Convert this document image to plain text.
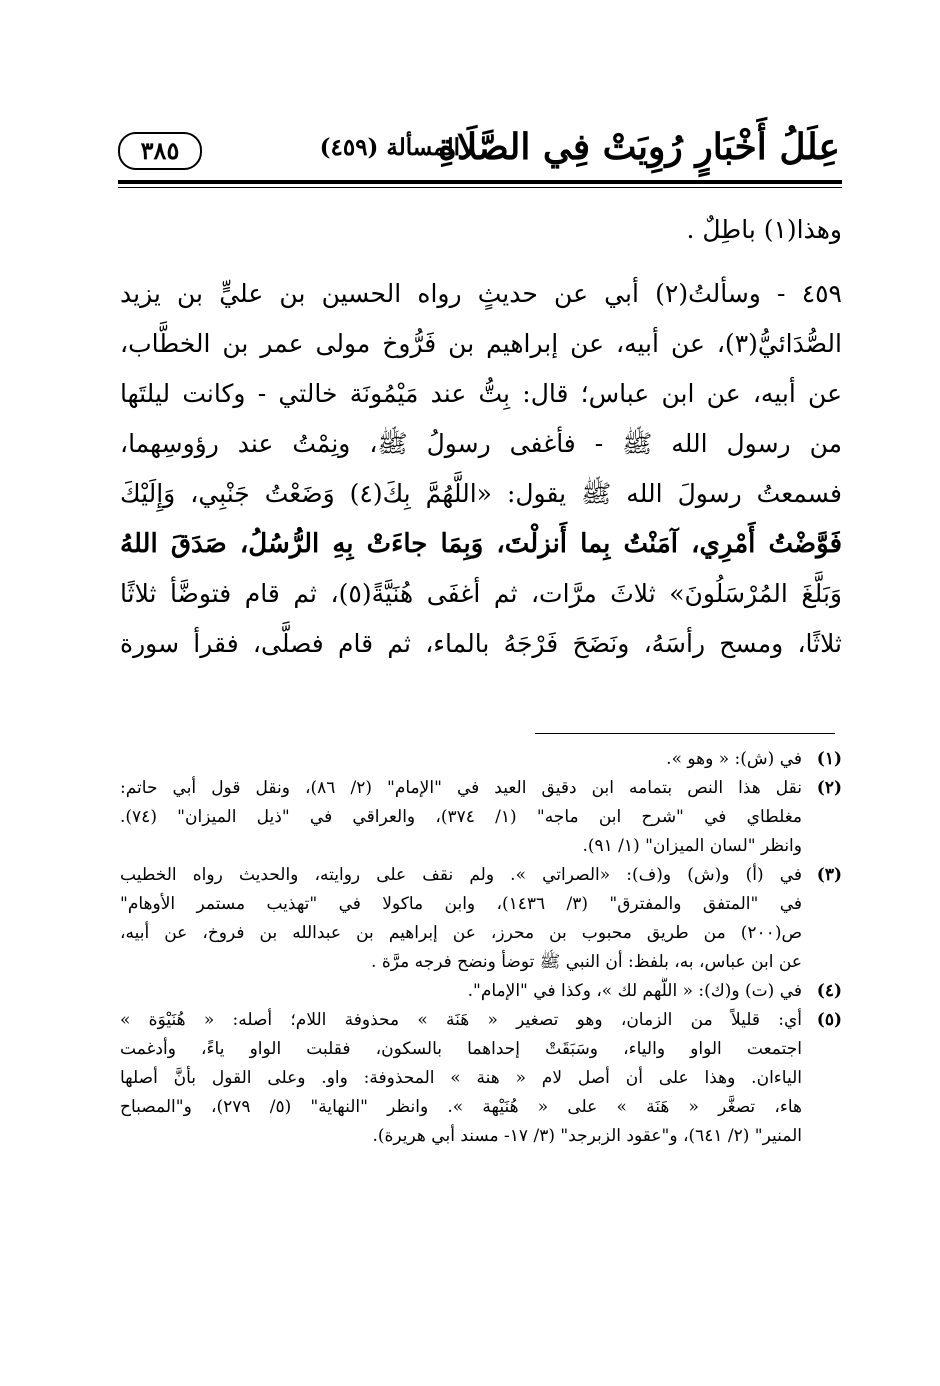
عِلَلُ أَخْبَارٍ رُوِيَتْ فِي الصَّلَاةِ
المسألة (٤٥٩)
٣٨٥
وهذا(١) باطِلٌ .
٤٥٩ - وسألتُ(٢) أبي عن حديثٍ رواه الحسين بن عليٍّ بن يزيد
الصُّدَائيُّ(٣)، عن أبيه، عن إبراهيم بن فَرُّوخ مولى عمر بن الخطَّاب،
عن أبيه، عن ابن عباس؛ قال: بِتُّ عند مَيْمُونَة خالتي - وكانت ليلتَها
من رسول الله ﷺ - فأغفى رسولُ ﷺ، ونِمْتُ عند رؤوسِهما،
فسمعتُ رسولَ الله ﷺ يقول: «اللَّهُمَّ بِكَ(٤) وَضَعْتُ جَنْبِي، وَإِلَيْكَ
فَوَّضْتُ أَمْرِي، آمَنْتُ بِما أَنزلْتَ، وَبِمَا جاءَتْ بِهِ الرُّسُلُ، صَدَقَ اللهُ
وَبَلَّغَ المُرْسَلُونَ» ثلاثَ مرَّات، ثم أغفَى هُنَيَّةً(٥)، ثم قام فتوضَّأ ثلاثًا
ثلاثًا، ومسح رأسَهُ، ونَضَحَ فَرْجَهُ بالماء، ثم قام فصلَّى، فقرأ سورة
(١)
في (ش): « وهو ».
(٢)
نقل هذا النص بتمامه ابن دقيق العيد في "الإمام" (٢/ ٨٦)، ونقل قول أبي حاتم:
مغلطاي في "شرح ابن ماجه" (١/ ٣٧٤)، والعراقي في "ذيل الميزان" (٧٤).
وانظر "لسان الميزان" (١/ ٩١).
(٣)
في (أ) و(ش) و(ف): «الصراتي ». ولم نقف على روايته، والحديث رواه الخطيب
في "المتفق والمفترق" (٣/ ١٤٣٦)، وابن ماكولا في "تهذيب مستمر الأوهام"
ص(٢٠٠) من طريق محبوب بن محرز، عن إبراهيم بن عبدالله بن فروخ، عن أبيه،
عن ابن عباس، به، بلفظ: أن النبي ﷺ توضأ ونضح فرجه مرَّة .
(٤)
في (ت) و(ك): « اللَّهم لك »، وكذا في "الإمام".
(٥)
أي: قليلاً من الزمان، وهو تصغير « هَنَة » محذوفة اللام؛ أصله: « هُنَيْوَة »
اجتمعت الواو والياء، وسَبَقَتْ إحداهما بالسكون، فقلبت الواو ياءً، وأدغمت
الياءان. وهذا على أن أصل لام « هنة » المحذوفة: واو. وعلى القول بأنَّ أصلها
هاء، تصغَّر « هَنَة » على « هُنَيْهة ». وانظر "النهاية" (٥/ ٢٧٩)، و"المصباح
المنير" (٢/ ٦٤١)، و"عقود الزبرجد" (٣/ ١٧- مسند أبي هريرة).
